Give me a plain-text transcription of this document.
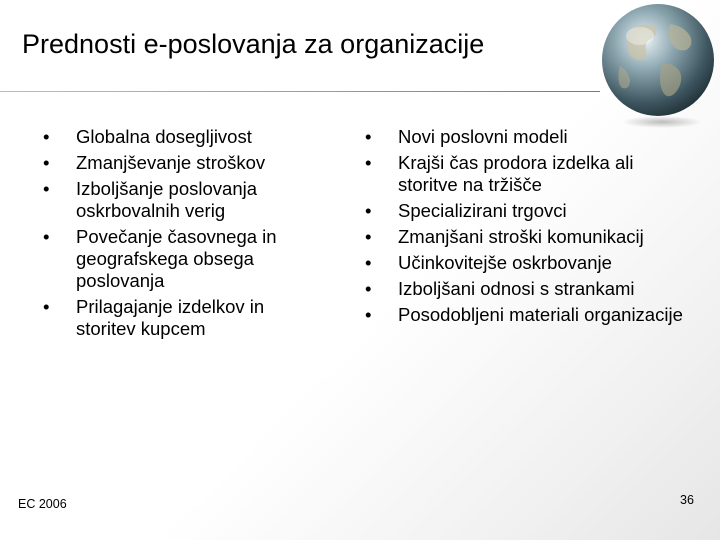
Prednosti e-poslovanja za organizacije
• Globalna dosegljivost
• Zmanjševanje stroškov
• Izboljšanje poslovanja oskrbovalnih verig
• Povečanje časovnega in geografskega obsega poslovanja
• Prilagajanje izdelkov in storitev kupcem
• Novi poslovni modeli
• Krajši čas prodora izdelka ali storitve na tržišče
• Specializirani trgovci
• Zmanjšani stroški komunikacij
• Učinkovitejše oskrbovanje
• Izboljšani odnosi s strankami
• Posodobljeni materiali organizacije
EC 2006	36
